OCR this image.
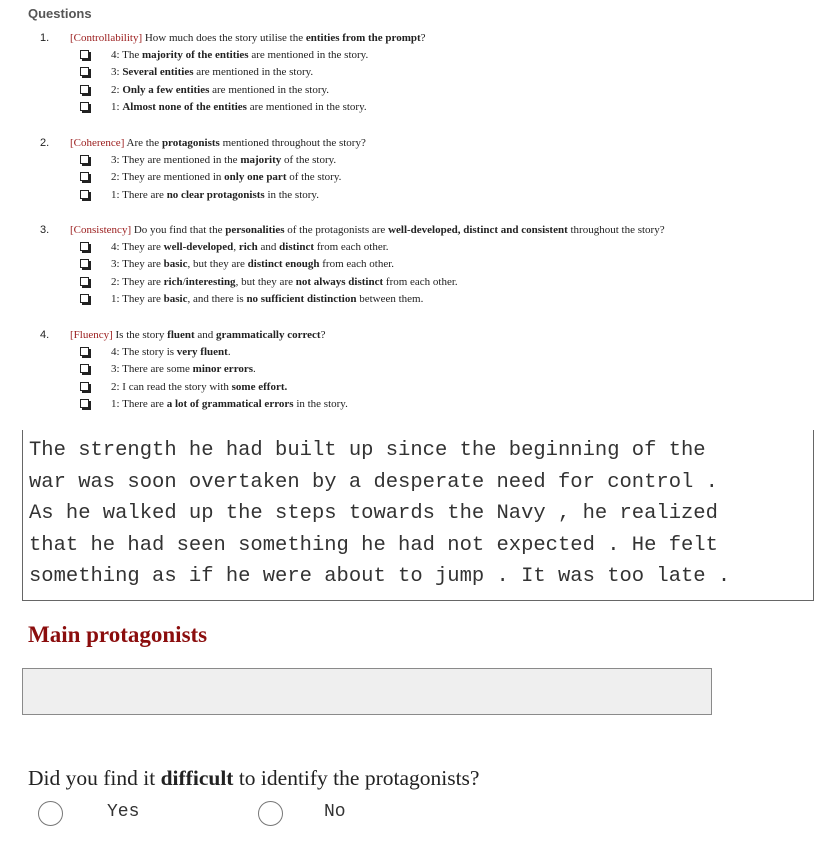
Questions
1. [Controllability] How much does the story utilise the entities from the prompt?
4: The majority of the entities are mentioned in the story.
3: Several entities are mentioned in the story.
2: Only a few entities are mentioned in the story.
1: Almost none of the entities are mentioned in the story.
2. [Coherence] Are the protagonists mentioned throughout the story?
3: They are mentioned in the majority of the story.
2: They are mentioned in only one part of the story.
1: There are no clear protagonists in the story.
3. [Consistency] Do you find that the personalities of the protagonists are well-developed, distinct and consistent throughout the story?
4: They are well-developed, rich and distinct from each other.
3: They are basic, but they are distinct enough from each other.
2: They are rich/interesting, but they are not always distinct from each other.
1: They are basic, and there is no sufficient distinction between them.
4. [Fluency] Is the story fluent and grammatically correct?
4: The story is very fluent.
3: There are some minor errors.
2: I can read the story with some effort.
1: There are a lot of grammatical errors in the story.
The strength he had built up since the beginning of the
war was soon overtaken by a desperate need for control .
As he walked up the steps towards the Navy , he realized
that he had seen something he had not expected . He felt
something as if he were about to jump . It was too late .
Main protagonists
Did you find it difficult to identify the protagonists?
Yes	No
